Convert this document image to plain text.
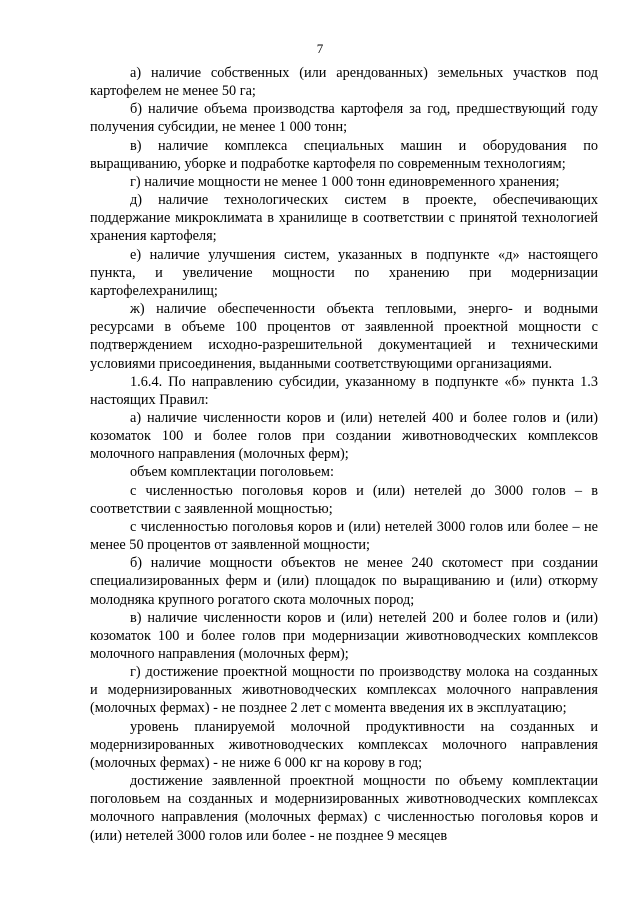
7

а) наличие собственных (или арендованных) земельных участков под картофелем не менее 50 га;

б) наличие объема производства картофеля за год, предшествующий году получения субсидии, не менее 1 000 тонн;

в) наличие комплекса специальных машин и оборудования по выращиванию, уборке и подработке картофеля по современным технологиям;

г) наличие мощности не менее 1 000 тонн единовременного хранения;

д) наличие технологических систем в проекте, обеспечивающих поддержание микроклимата в хранилище в соответствии с принятой технологией хранения картофеля;

е) наличие улучшения систем, указанных в подпункте «д» настоящего пункта, и увеличение мощности по хранению при модернизации картофелехранилищ;

ж) наличие обеспеченности объекта тепловыми, энерго- и водными ресурсами в объеме 100 процентов от заявленной проектной мощности с подтверждением исходно-разрешительной документацией и техническими условиями присоединения, выданными соответствующими организациями.

1.6.4. По направлению субсидии, указанному в подпункте «б» пункта 1.3 настоящих Правил:

а) наличие численности коров и (или) нетелей 400 и более голов и (или) козоматок 100 и более голов при создании животноводческих комплексов молочного направления (молочных ферм);

объем комплектации поголовьем:

с численностью поголовья коров и (или) нетелей до 3000 голов – в соответствии с заявленной мощностью;

с численностью поголовья коров и (или) нетелей 3000 голов или более – не менее 50 процентов от заявленной мощности;

б) наличие мощности объектов не менее 240 скотомест при создании специализированных ферм и (или) площадок по выращиванию и (или) откорму молодняка крупного рогатого скота молочных пород;

в) наличие численности коров и (или) нетелей 200 и более голов и (или) козоматок 100 и более голов при модернизации животноводческих комплексов молочного направления (молочных ферм);

г) достижение проектной мощности по производству молока на созданных и модернизированных животноводческих комплексах молочного направления (молочных фермах) - не позднее 2 лет с момента введения их в эксплуатацию;

уровень планируемой молочной продуктивности на созданных и модернизированных животноводческих комплексах молочного направления (молочных фермах) - не ниже 6 000 кг на корову в год;

достижение заявленной проектной мощности по объему комплектации поголовьем на созданных и модернизированных животноводческих комплексах молочного направления (молочных фермах) с численностью поголовья коров и (или) нетелей 3000 голов или более - не позднее 9 месяцев
